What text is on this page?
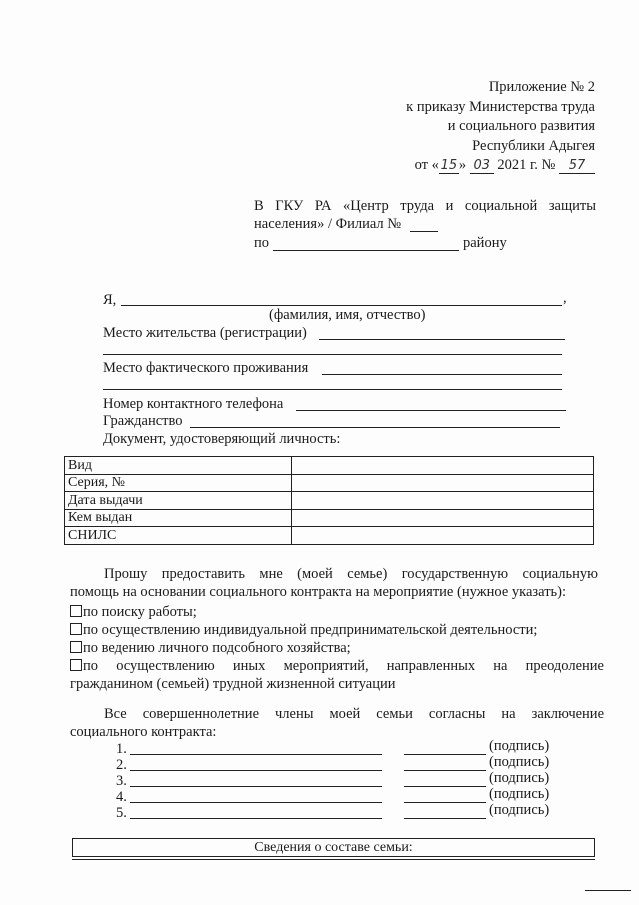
Приложение № 2
к приказу Министерства труда
и социального развития
Республики Адыгея
от « 15 » 03 2021 г. № 57
В ГКУ РА «Центр труда и социальной защиты
населения» / Филиал №
по	району
Я,	,
(фамилия, имя, отчество)
Место жительства (регистрации)
Место фактического проживания
Номер контактного телефона
Гражданство
Документ, удостоверяющий личность:
Вид	
Серия, №	
Дата выдачи	
Кем выдан	
СНИЛС	
Прошу предоставить мне (моей семье) государственную социальную
помощь на основании социального контракта на мероприятие (нужное указать):
по поиску работы;
по осуществлению индивидуальной предпринимательской деятельности;
по ведению личного подсобного хозяйства;
по осуществлению иных мероприятий, направленных на преодоление
гражданином (семьей) трудной жизненной ситуации
Все совершеннолетние члены моей семьи согласны на заключение
социального контракта:
1.	(подпись)
2.	(подпись)
3.	(подпись)
4.	(подпись)
5.	(подпись)
Сведения о составе семьи:
